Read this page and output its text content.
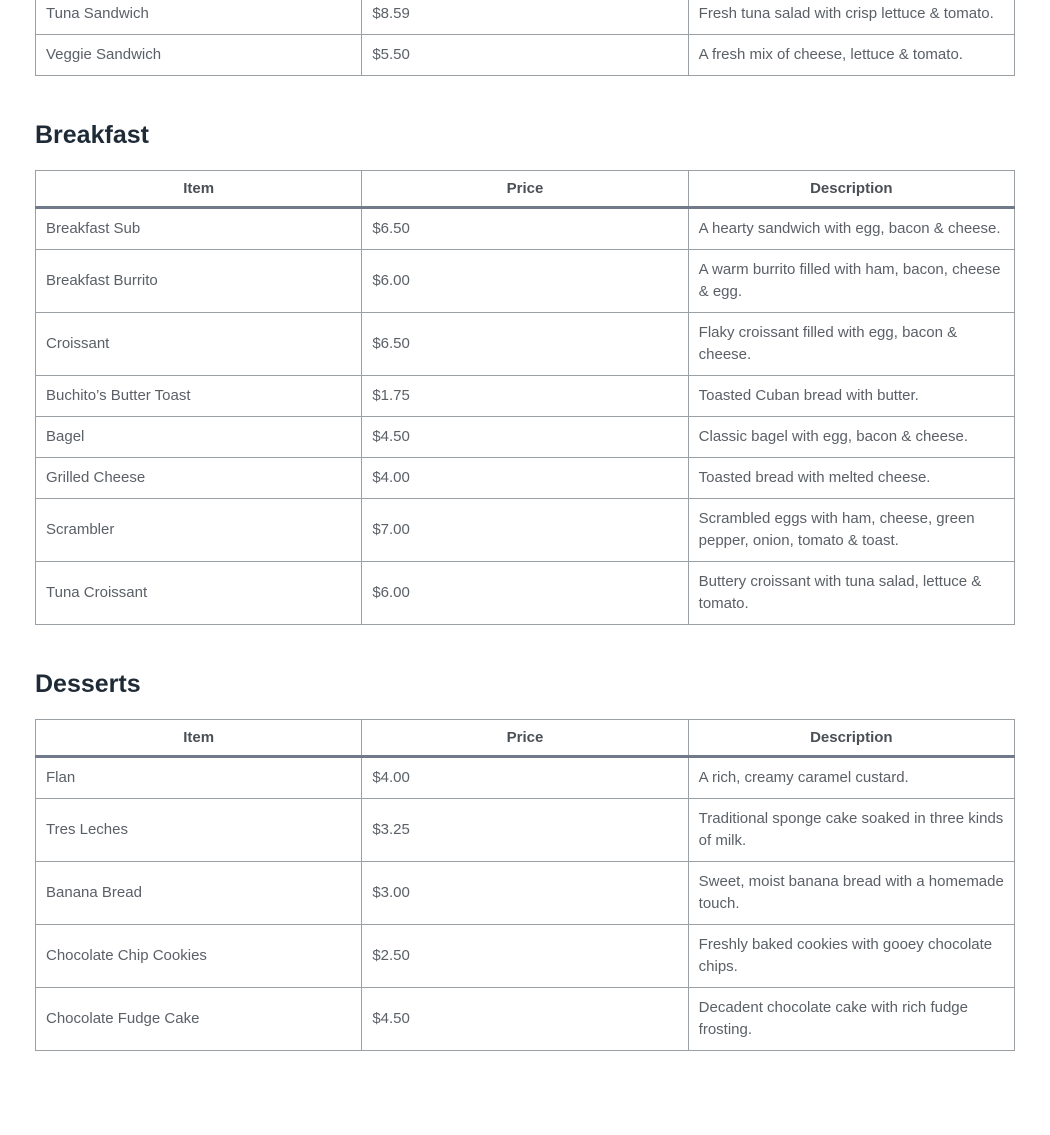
Tuna Sandwich	$8.59	Fresh tuna salad with crisp lettuce & tomato.
Veggie Sandwich	$5.50	A fresh mix of cheese, lettuce & tomato.
Breakfast
Item	Price	Description
Breakfast Sub	$6.50	A hearty sandwich with egg, bacon & cheese.
Breakfast Burrito	$6.00	A warm burrito filled with ham, bacon, cheese & egg.
Croissant	$6.50	Flaky croissant filled with egg, bacon & cheese.
Buchito’s Butter Toast	$1.75	Toasted Cuban bread with butter.
Bagel	$4.50	Classic bagel with egg, bacon & cheese.
Grilled Cheese	$4.00	Toasted bread with melted cheese.
Scrambler	$7.00	Scrambled eggs with ham, cheese, green pepper, onion, tomato & toast.
Tuna Croissant	$6.00	Buttery croissant with tuna salad, lettuce & tomato.
Desserts
Item	Price	Description
Flan	$4.00	A rich, creamy caramel custard.
Tres Leches	$3.25	Traditional sponge cake soaked in three kinds of milk.
Banana Bread	$3.00	Sweet, moist banana bread with a homemade touch.
Chocolate Chip Cookies	$2.50	Freshly baked cookies with gooey chocolate chips.
Chocolate Fudge Cake	$4.50	Decadent chocolate cake with rich fudge frosting.
